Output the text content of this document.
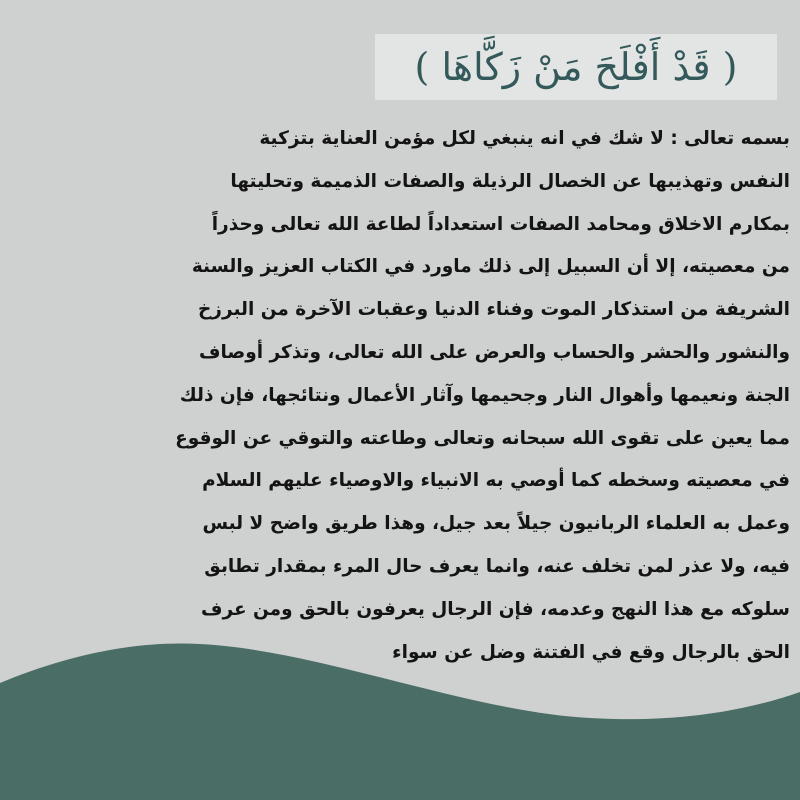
( قَدْ أَفْلَحَ مَنْ زَكَّاهَا )
بسمه تعالى : لا شك في انه ينبغي لكل مؤمن العناية بتزكية
النفس وتهذيبها عن الخصال الرذيلة والصفات الذميمة وتحليتها
بمكارم الاخلاق ومحامد الصفات استعداداً لطاعة الله تعالى وحذراً
من معصيته، إلا أن السبيل إلى ذلك ماورد في الكتاب العزيز والسنة
الشريفة من استذكار الموت وفناء الدنيا وعقبات الآخرة من البرزخ
والنشور والحشر والحساب والعرض على الله تعالى، وتذكر أوصاف
الجنة ونعيمها وأهوال النار وجحيمها وآثار الأعمال ونتائجها، فإن ذلك
مما يعين على تقوى الله سبحانه وتعالى وطاعته والتوقي عن الوقوع
في معصيته وسخطه كما أوصي به الانبياء والاوصياء عليهم السلام
وعمل به العلماء الربانيون جيلاً بعد جيل، وهذا طريق واضح لا لبس
فيه، ولا عذر لمن تخلف عنه، وانما يعرف حال المرء بمقدار تطابق
سلوكه مع هذا النهج وعدمه، فإن الرجال يعرفون بالحق ومن عرف
الحق بالرجال وقع في الفتنة وضل عن سواء
